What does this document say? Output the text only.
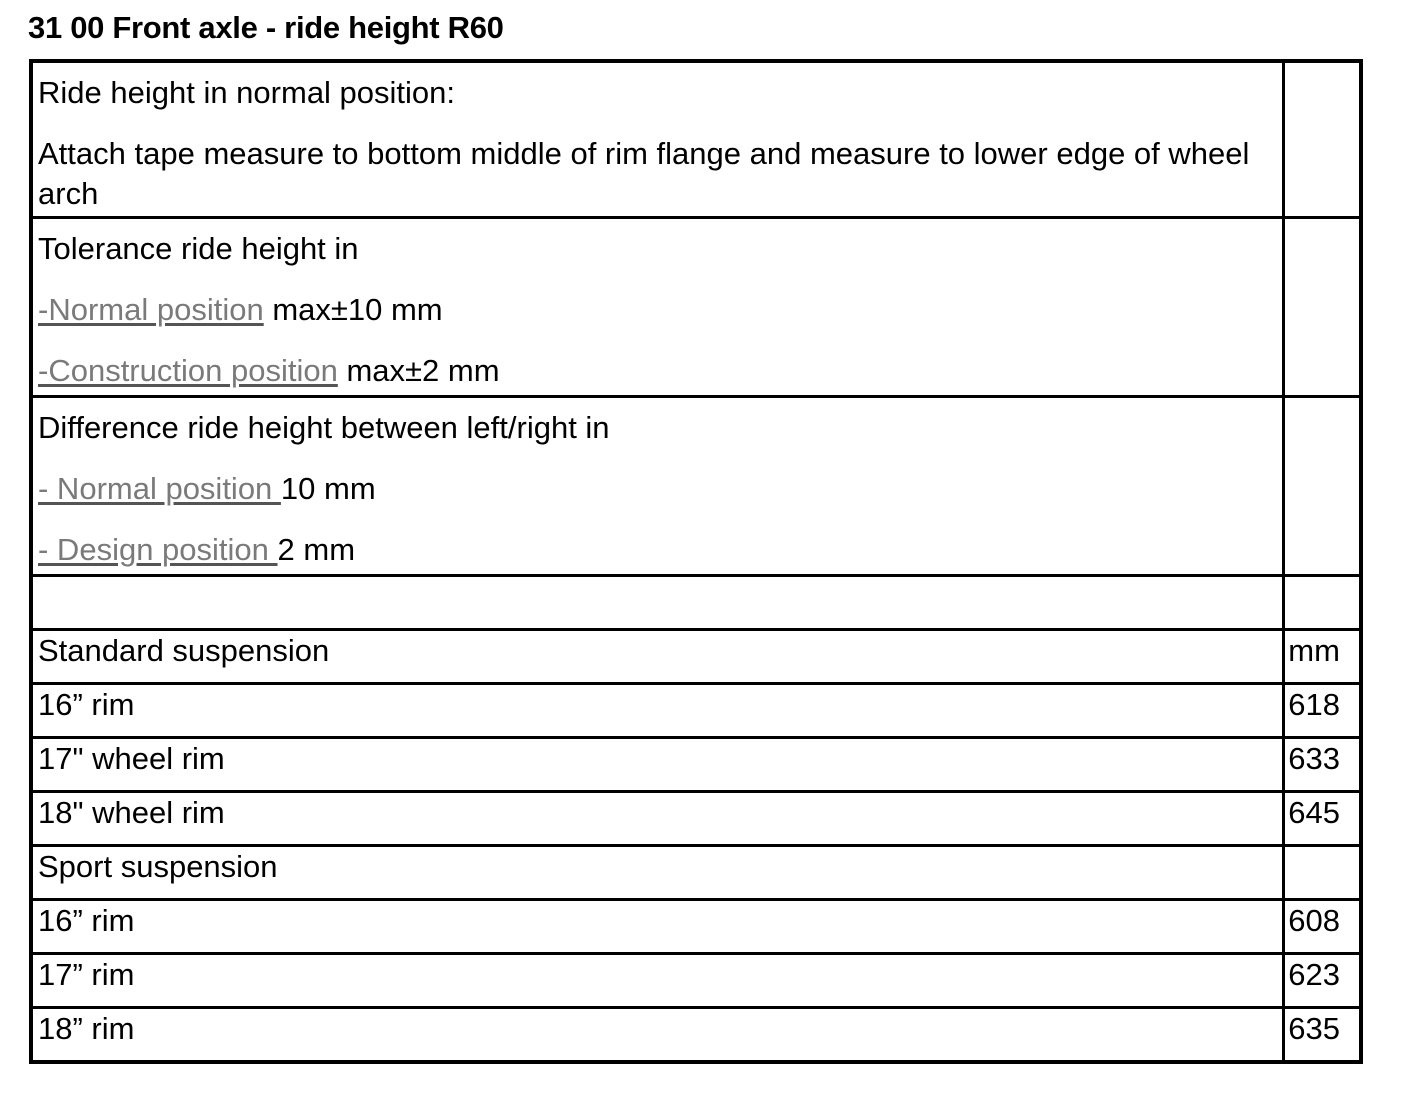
31 00 Front axle - ride height R60

Ride height in normal position:

Attach tape measure to bottom middle of rim flange and measure to lower edge of wheel arch	

Tolerance ride height in

-Normal position max±10 mm

-Construction position max±2 mm	

Difference ride height between left/right in

- Normal position 10 mm

- Design position 2 mm	

Standard suspension	mm
16” rim	618
17" wheel rim	633
18" wheel rim	645
Sport suspension	
16” rim	608
17” rim	623
18” rim	635
